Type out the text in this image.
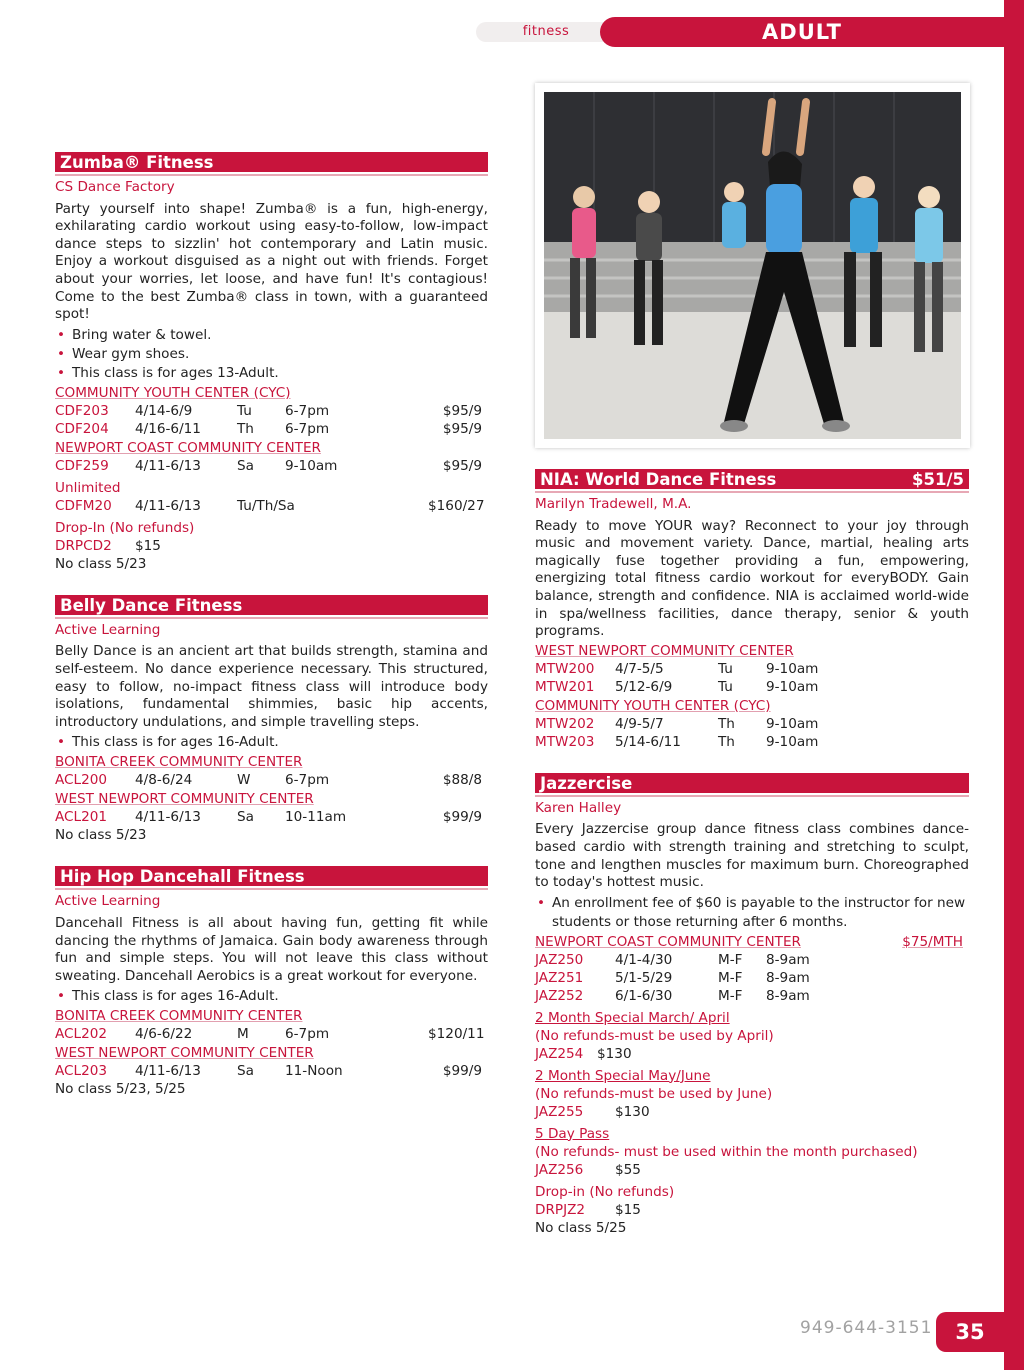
fitness	ADULT
Zumba® Fitness
CS Dance Factory
Party yourself into shape! Zumba® is a fun, high-energy, exhilarating cardio workout using easy-to-follow, low-impact dance steps to sizzlin' hot contemporary and Latin music. Enjoy a workout disguised as a night out with friends. Forget about your worries, let loose, and have fun! It's contagious! Come to the best Zumba® class in town, with a guaranteed spot!
• Bring water & towel.
• Wear gym shoes.
• This class is for ages 13-Adult.
COMMUNITY YOUTH CENTER (CYC)
CDF203	4/14-6/9	Tu	6-7pm	$95/9
CDF204	4/16-6/11	Th	6-7pm	$95/9
NEWPORT COAST COMMUNITY CENTER
CDF259	4/11-6/13	Sa	9-10am	$95/9
Unlimited
CDFM20	4/11-6/13	Tu/Th/Sa	$160/27
Drop-In (No refunds)
DRPCD2	$15
No class 5/23
Belly Dance Fitness
Active Learning
Belly Dance is an ancient art that builds strength, stamina and self-esteem. No dance experience necessary. This structured, easy to follow, no-impact fitness class will introduce body isolations, fundamental shimmies, basic hip accents, introductory undulations, and simple travelling steps.
• This class is for ages 16-Adult.
BONITA CREEK COMMUNITY CENTER
ACL200	4/8-6/24	W	6-7pm	$88/8
WEST NEWPORT COMMUNITY CENTER
ACL201	4/11-6/13	Sa	10-11am	$99/9
No class 5/23
Hip Hop Dancehall Fitness
Active Learning
Dancehall Fitness is all about having fun, getting fit while dancing the rhythms of Jamaica. Gain body awareness through fun and simple steps. You will not leave this class without sweating. Dancehall Aerobics is a great workout for everyone.
• This class is for ages 16-Adult.
BONITA CREEK COMMUNITY CENTER
ACL202	4/6-6/22	M	6-7pm	$120/11
WEST NEWPORT COMMUNITY CENTER
ACL203	4/11-6/13	Sa	11-Noon	$99/9
No class 5/23, 5/25
NIA: World Dance Fitness	$51/5
Marilyn Tradewell, M.A.
Ready to move YOUR way? Reconnect to your joy through music and movement variety. Dance, martial, healing arts magically fuse together providing a fun, empowering, energizing total fitness cardio workout for everyBODY. Gain balance, strength and confidence. NIA is acclaimed world-wide in spa/wellness facilities, dance therapy, senior & youth programs.
WEST NEWPORT COMMUNITY CENTER
MTW200	4/7-5/5	Tu	9-10am
MTW201	5/12-6/9	Tu	9-10am
COMMUNITY YOUTH CENTER (CYC)
MTW202	4/9-5/7	Th	9-10am
MTW203	5/14-6/11	Th	9-10am
Jazzercise
Karen Halley
Every Jazzercise group dance fitness class combines dance-based cardio with strength training and stretching to sculpt, tone and lengthen muscles for maximum burn. Choreographed to today's hottest music.
• An enrollment fee of $60 is payable to the instructor for new students or those returning after 6 months.
NEWPORT COAST COMMUNITY CENTER	$75/MTH
JAZ250	4/1-4/30	M-F	8-9am
JAZ251	5/1-5/29	M-F	8-9am
JAZ252	6/1-6/30	M-F	8-9am
2 Month Special March/ April
(No refunds-must be used by April)
JAZ254	$130
2 Month Special May/June
(No refunds-must be used by June)
JAZ255	$130
5 Day Pass
(No refunds- must be used within the month purchased)
JAZ256	$55
Drop-in (No refunds)
DRPJZ2	$15
No class 5/25
949-644-3151	35
